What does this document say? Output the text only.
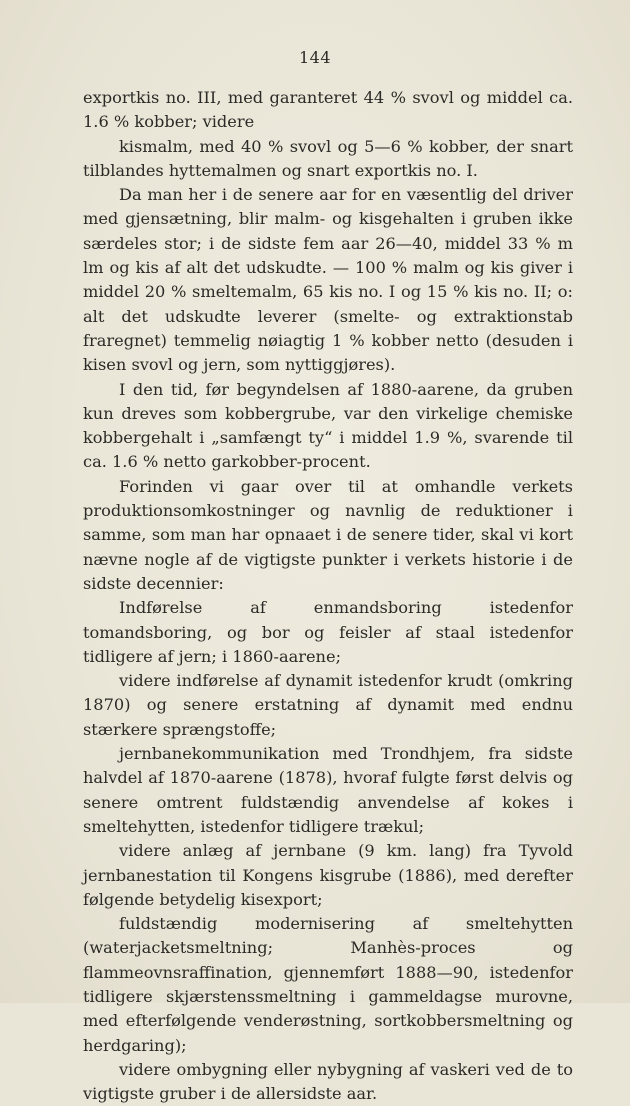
144

exportkis no. III, med garanteret 44 % svovl og middel ca. 1.6 % kobber; videre

kismalm, med 40 % svovl og 5—6 % kobber, der snart tilblandes hyttemalmen og snart exportkis no. I.

Da man her i de senere aar for en væsentlig del driver med gjensætning, blir malm- og kisgehalten i gruben ikke særdeles stor; i de sidste fem aar 26—40, middel 33 % m lm og kis af alt det udskudte. — 100 % malm og kis giver i middel 20 % smeltemalm, 65 kis no. I og 15 % kis no. II; o: alt det udskudte leverer (smelte- og extraktionstab fraregnet) temmelig nøiagtig 1 % kobber netto (desuden i kisen svovl og jern, som nyttiggjøres).

I den tid, før begyndelsen af 1880-aarene, da gruben kun dreves som kobbergrube, var den virkelige chemiske kobbergehalt i „samfængt ty“ i middel 1.9 %, svarende til ca. 1.6 % netto garkobber-procent.

Forinden vi gaar over til at omhandle verkets produktionsomkostninger og navnlig de reduktioner i samme, som man har opnaaet i de senere tider, skal vi kort nævne nogle af de vigtigste punkter i verkets historie i de sidste decennier:

Indførelse af enmandsboring istedenfor tomandsboring, og bor og feisler af staal istedenfor tidligere af jern; i 1860-aarene;

videre indførelse af dynamit istedenfor krudt (omkring 1870) og senere erstatning af dynamit med endnu stærkere sprængstoffe;

jernbanekommunikation med Trondhjem, fra sidste halvdel af 1870-aarene (1878), hvoraf fulgte først delvis og senere omtrent fuldstændig anvendelse af kokes i smeltehytten, istedenfor tidligere trækul;

videre anlæg af jernbane (9 km. lang) fra Tyvold jernbanestation til Kongens kisgrube (1886), med derefter følgende betydelig kisexport;

fuldstændig modernisering af smeltehytten (waterjacketsmeltning; Manhès-proces og flammeovnsraffination, gjennemført 1888—90, istedenfor tidligere skjærstenssmeltning i gammeldagse murovne, med efterfølgende venderøstning, sortkobbersmeltning og herdgaring);

videre ombygning eller nybygning af vaskeri ved de to vigtigste gruber i de allersidste aar.
